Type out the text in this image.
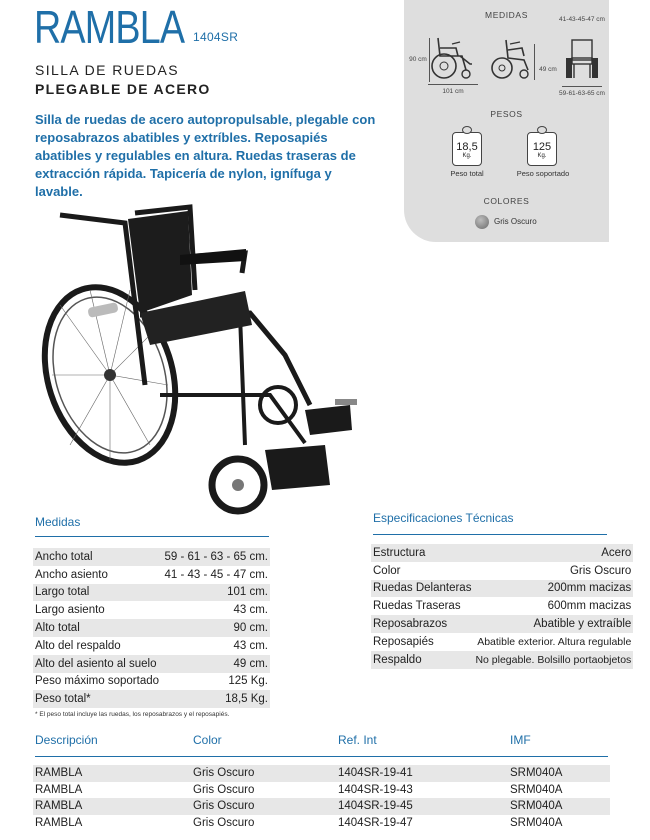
RAMBLA 1404SR
SILLA DE RUEDAS
PLEGABLE DE ACERO
Silla de ruedas de acero autopropulsable, plegable con reposabrazos abatibles y extríbles. Reposapiés abatibles y regulables en altura. Ruedas traseras de extracción rápida. Tapicería de nylon, ignífuga y lavable.
MEDIDAS
90 cm
101 cm
49 cm
41-43-45-47 cm
59-61-63-65 cm
PESOS
18,5
Kg.
Peso total
125
Kg.
Peso soportado
COLORES
Gris Oscuro
Medidas
Ancho total	59 - 61 - 63 - 65 cm.
Ancho asiento	41 - 43 - 45 - 47 cm.
Largo total	101 cm.
Largo asiento	43 cm.
Alto total	90 cm.
Alto del respaldo	43 cm.
Alto del asiento al suelo	49 cm.
Peso máximo soportado	125 Kg.
Peso total*	18,5 Kg.
* El peso total incluye las ruedas, los reposabrazos y el reposapiés.
Especificaciones Técnicas
Estructura	Acero
Color	Gris Oscuro
Ruedas Delanteras	200mm macizas
Ruedas Traseras	600mm macizas
Reposabrazos	Abatible y extraíble
Reposapiés	Abatible exterior. Altura regulable
Respaldo	No plegable. Bolsillo portaobjetos
Descripción	Color	Ref. Int	IMF
RAMBLA	Gris Oscuro	1404SR-19-41	SRM040A
RAMBLA	Gris Oscuro	1404SR-19-43	SRM040A
RAMBLA	Gris Oscuro	1404SR-19-45	SRM040A
RAMBLA	Gris Oscuro	1404SR-19-47	SRM040A
